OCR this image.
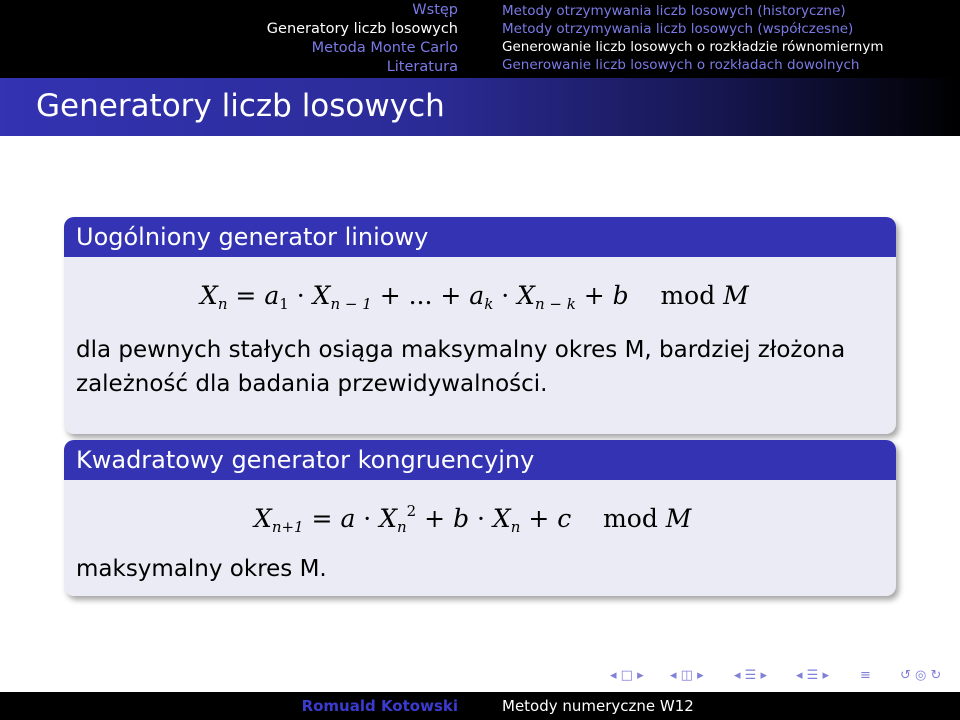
Wstęp
Generatory liczb losowych
Metoda Monte Carlo
Literatura
Metody otrzymywania liczb losowych (historyczne)
Metody otrzymywania liczb losowych (współczesne)
Generowanie liczb losowych o rozkładzie równomiernym
Generowanie liczb losowych o rozkładach dowolnych
Generatory liczb losowych
Uogólniony generator liniowy
$X_n = a_1 \cdot X_{n - 1}$ + ... + $a_k \cdot X_{n - k} + b$ mod M
dla pewnych stałych osiąga maksymalny okres M, bardziej złożona
zależność dla badania przewidywalności.
Kwadratowy generator kongruencyjny
$X_{n+1} = a \cdot X_n^2 + b \cdot X_n + c$ mod M
maksymalny okres M.
◂ □ ▸ ◂ ◫ ▸ ◂ ☰ ▸ ◂ ☰ ▸ ≡ ↺ ◎ ↻
Romuald Kotowski	Metody numeryczne W12
